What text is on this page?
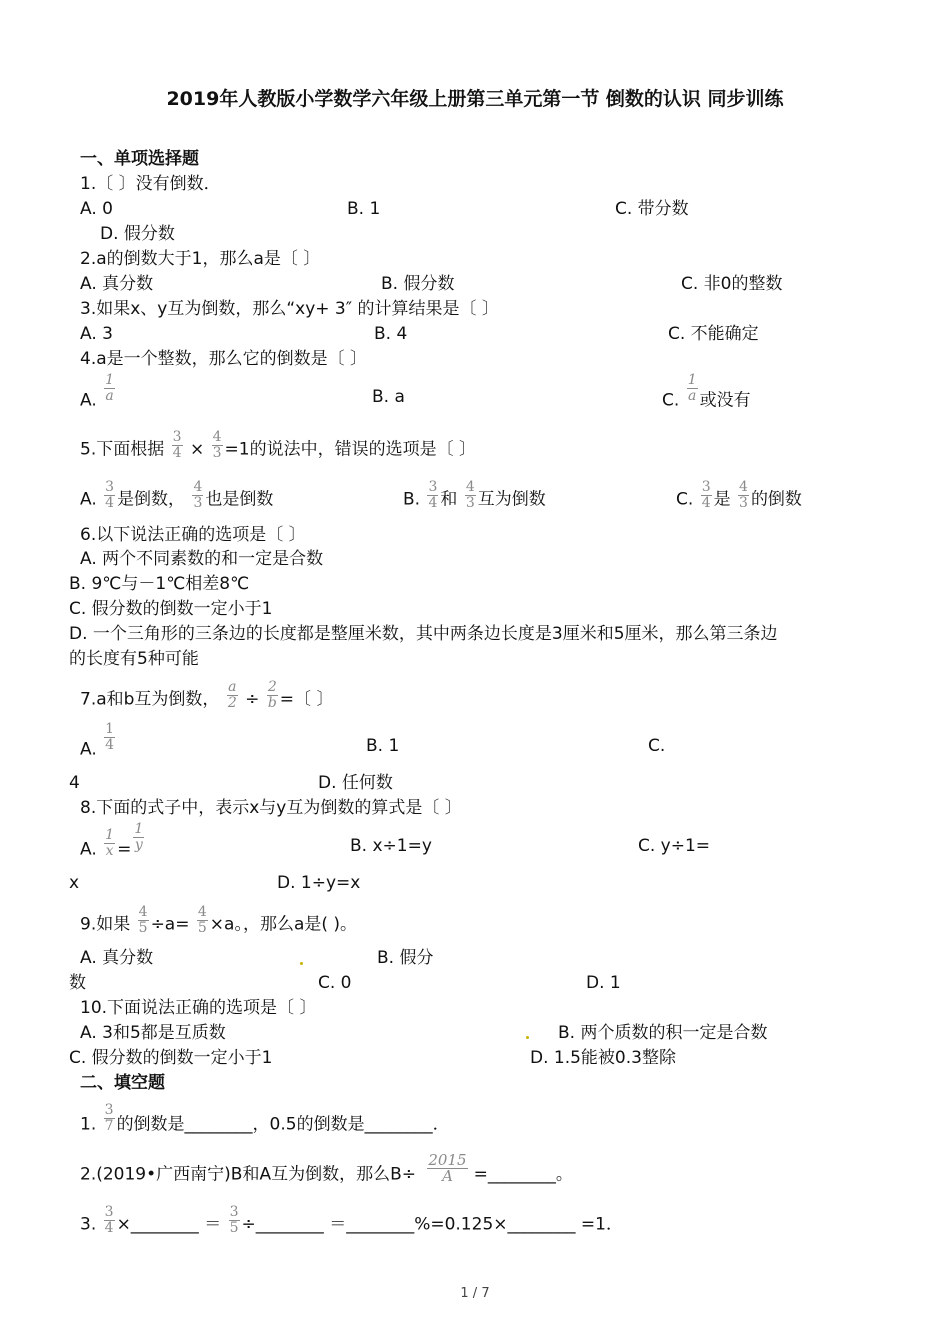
2019年人教版小学数学六年级上册第三单元第一节 倒数的认识 同步训练
一、单项选择题
1.〔 〕没有倒数．
A. 0	B. 1	C. 带分数
D. 假分数
2.a的倒数大于1，那么a是〔 〕
A. 真分数	B. 假分数	C. 非0的整数
3.如果x、y互为倒数，那么“xy+ 3″ 的计算结果是〔 〕
A. 3	B. 4	C. 不能确定
4.a是一个整数，那么它的倒数是〔 〕
A. $\frac{1}{a}$	B. a	C. $\frac{1}{a}$ 或没有
5.下面根据 $\frac{3}{4} \times \frac{4}{3} =1$的说法中，错误的选项是〔 〕
A. $\frac{3}{4}$ 是倒数， $\frac{4}{3}$ 也是倒数	B. $\frac{3}{4}$ 和 $\frac{4}{3}$ 互为倒数	C. $\frac{3}{4}$ 是 $\frac{4}{3}$ 的倒数
6.以下说法正确的选项是〔 〕
A. 两个不同素数的和一定是合数
B. 9℃与－1℃相差8℃
C. 假分数的倒数一定小于1
D. 一个三角形的三条边的长度都是整厘米数，其中两条边长度是3厘米和5厘米，那么第三条边
的长度有5种可能
7.a和b互为倒数， $\frac{a}{2} \div \frac{2}{b}$ =〔 〕
A. $\frac{1}{4}$	B. 1	C.
4	D. 任何数
8.下面的式子中，表示x与y互为倒数的算式是〔 〕
A. $\frac{1}{x} = \frac{1}{y}$	B. x÷1=y	C. y÷1=
x	D. 1÷y=x
9.如果 $\frac{4}{5} \div a= \frac{4}{5} \times a$。，那么a是( )。
A. 真分数	B. 假分
数	C. 0	D. 1
10.下面说法正确的选项是〔 〕
A. 3和5都是互质数	B. 两个质数的积一定是合数
C. 假分数的倒数一定小于1	D. 1.5能被0.3整除
二、填空题
1. $\frac{3}{7}$ 的倒数是________，0.5的倒数是________．
2.(2019•广西南宁)B和A互为倒数，那么$B\div \frac{2015}{A}$ =________。
3. $\frac{3}{4}$ ×________ ＝ $\frac{3}{5}$ ÷________ ＝________%=0.125×________ =1．
1 / 7
